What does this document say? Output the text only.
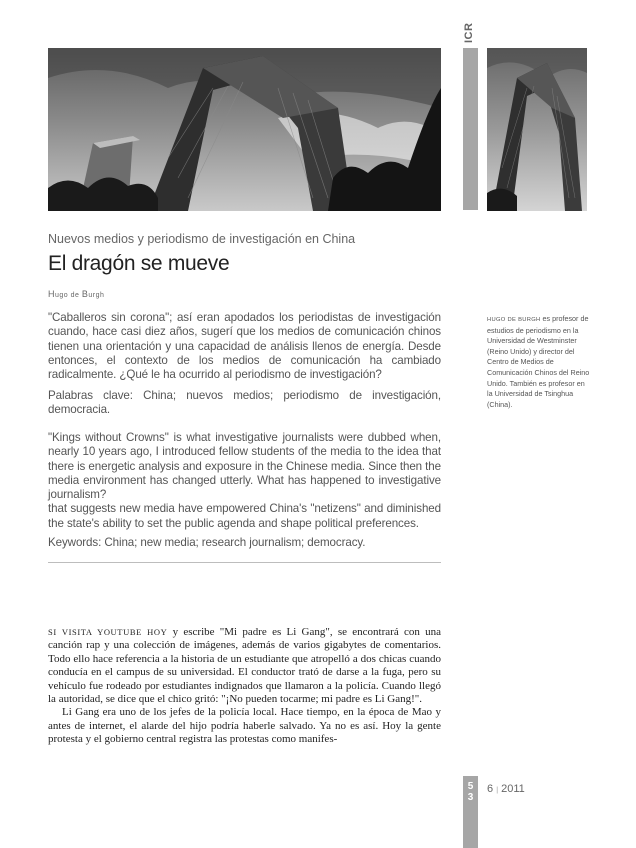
ICR
Nuevos medios y periodismo de investigación en China
El dragón se mueve
Hugo de Burgh
"Caballeros sin corona"; así eran apodados los periodistas de investigación cuando, hace casi diez años, sugerí que los medios de comunicación chinos tienen una orientación y una capacidad de análisis llenos de energía. Desde entonces, el contexto de los medios de comunicación ha cambiado radicalmente. ¿Qué le ha ocurrido al periodismo de investigación?
Palabras clave: China; nuevos medios; periodismo de investigación, democracia.
"Kings without Crowns" is what investigative journalists were dubbed when, nearly 10 years ago, I introduced fellow students of the media to the idea that there is energetic analysis and exposure in the Chinese media. Since then the media environment has changed utterly. What has happened to investigative journalism?
that suggests new media have empowered China's "netizens" and diminished the state's ability to set the public agenda and shape political preferences.
Keywords: China; new media; research journalism; democracy.
HUGO DE BURGH es profesor de estudios de periodismo en la Universidad de Westminster (Reino Unido) y director del Centro de Medios de Comunicación Chinos del Reino Unido. También es profesor en la Universidad de Tsinghua (China).

SI VISITA YOUTUBE HOY y escribe "Mi padre es Li Gang", se encontrará con una canción rap y una colección de imágenes, además de varios gigabytes de comentarios. Todo ello hace referencia a la historia de un estudiante que atropelló a dos chicas cuando conducía en el campus de su universidad. El conductor trató de darse a la fuga, pero su vehículo fue rodeado por estudiantes indignados que llamaron a la policía. Cuando llegó la autoridad, se dice que el chico gritó: "¡No pueden tocarme; mi padre es Li Gang!".

Li Gang era uno de los jefes de la policía local. Hace tiempo, en la época de Mao y antes de internet, el alarde del hijo podría haberle salvado. Ya no es así. Hoy la gente protesta y el gobierno central registra las protestas como manifes-

5
3
6 | 2011
